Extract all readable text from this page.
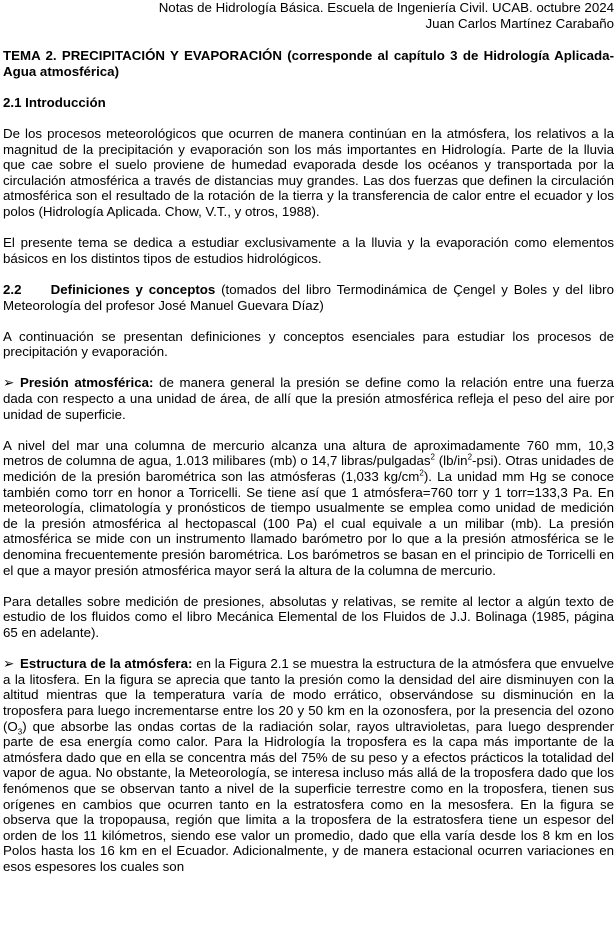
Notas de Hidrología Básica. Escuela de Ingeniería Civil. UCAB. octubre 2024
Juan Carlos Martínez Carabaño

TEMA 2. PRECIPITACIÓN Y EVAPORACIÓN (corresponde al capítulo 3 de Hidrología Aplicada-Agua atmosférica)

2.1 Introducción

De los procesos meteorológicos que ocurren de manera continúan en la atmósfera, los relativos a la magnitud de la precipitación y evaporación son los más importantes en Hidrología. Parte de la lluvia que cae sobre el suelo proviene de humedad evaporada desde los océanos y transportada por la circulación atmosférica a través de distancias muy grandes. Las dos fuerzas que definen la circulación atmosférica son el resultado de la rotación de la tierra y la transferencia de calor entre el ecuador y los polos (Hidrología Aplicada. Chow, V.T., y otros, 1988).

El presente tema se dedica a estudiar exclusivamente a la lluvia y la evaporación como elementos básicos en los distintos tipos de estudios hidrológicos.

2.2 Definiciones y conceptos (tomados del libro Termodinámica de Çengel y Boles y del libro Meteorología del profesor José Manuel Guevara Díaz)

A continuación se presentan definiciones y conceptos esenciales para estudiar los procesos de precipitación y evaporación.

➢ Presión atmosférica: de manera general la presión se define como la relación entre una fuerza dada con respecto a una unidad de área, de allí que la presión atmosférica refleja el peso del aire por unidad de superficie.

A nivel del mar una columna de mercurio alcanza una altura de aproximadamente 760 mm, 10,3 metros de columna de agua, 1.013 milibares (mb) o 14,7 libras/pulgadas$^2$ $(lb/in^2-psi)$. Otras unidades de medición de la presión barométrica son las atmósferas (1,033 $kg/cm^2$). La unidad mm Hg se conoce también como torr en honor a Torricelli. Se tiene así que 1 atmósfera=760 torr y 1 torr=133,3 Pa. En meteorología, climatología y pronósticos de tiempo usualmente se emplea como unidad de medición de la presión atmosférica al hectopascal (100 Pa) el cual equivale a un milibar (mb). La presión atmosférica se mide con un instrumento llamado barómetro por lo que a la presión atmosférica se le denomina frecuentemente presión barométrica. Los barómetros se basan en el principio de Torricelli en el que a mayor presión atmosférica mayor será la altura de la columna de mercurio.

Para detalles sobre medición de presiones, absolutas y relativas, se remite al lector a algún texto de estudio de los fluidos como el libro Mecánica Elemental de los Fluidos de J.J. Bolinaga (1985, página 65 en adelante).

➢ Estructura de la atmósfera: en la Figura 2.1 se muestra la estructura de la atmósfera que envuelve a la litosfera. En la figura se aprecia que tanto la presión como la densidad del aire disminuyen con la altitud mientras que la temperatura varía de modo errático, observándose su disminución en la troposfera para luego incrementarse entre los 20 y 50 km en la ozonosfera, por la presencia del ozono $(O_3)$ que absorbe las ondas cortas de la radiación solar, rayos ultravioletas, para luego desprender parte de esa energía como calor. Para la Hidrología la troposfera es la capa más importante de la atmósfera dado que en ella se concentra más del 75% de su peso y a efectos prácticos la totalidad del vapor de agua. No obstante, la Meteorología, se interesa incluso más allá de la troposfera dado que los fenómenos que se observan tanto a nivel de la superficie terrestre como en la troposfera, tienen sus orígenes en cambios que ocurren tanto en la estratosfera como en la mesosfera. En la figura se observa que la tropopausa, región que limita a la troposfera de la estratosfera tiene un espesor del orden de los 11 kilómetros, siendo ese valor un promedio, dado que ella varía desde los 8 km en los Polos hasta los 16 km en el Ecuador. Adicionalmente, y de manera estacional ocurren variaciones en esos espesores los cuales son
